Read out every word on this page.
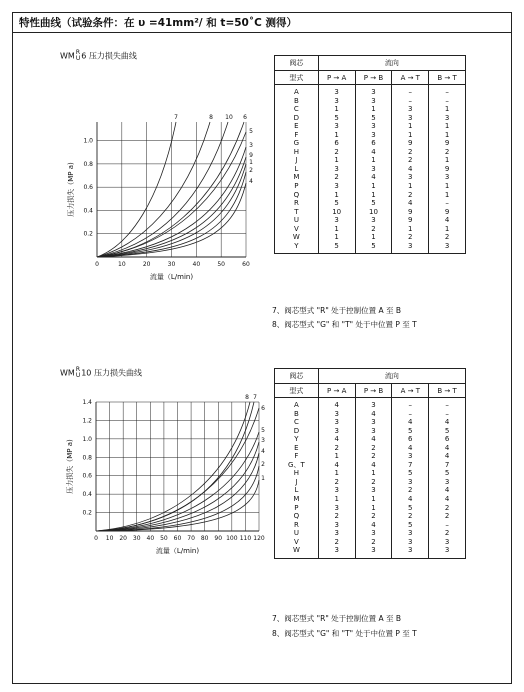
特性曲线（试验条件：在 υ =41mm²/ 和 t=50˚C 测得）
WMR
U6 压力损失曲线
0	10	20	30	40	50	60
0.2
0.4
0.6
0.8
1.0
压力损失（MP a)
流量（L/min)
7	8 10 6
5
3
9
1
2
4
0 10 20 30 40 50 60 70 80 90 100 110 120
0.2
0.4
0.6
0.8
1.0
1.2
1.4
压力损失（MP a)
流量（L/min)
8 7
6
5
3
4
2
1
WMR
U10 压力损失曲线
阀芯	流向			
型式	P → A	P → B	A → T	B → T
A	3	3	–	–
B	3	3	–	–
C	1	1	3	1
D	5	5	3	3
E	3	3	1	1
F	1	3	1	1
G	6	6	9	9
H	2	4	2	2
J	1	1	2	1
L	3	3	4	9
M	2	4	3	3
P	3	1	1	1
Q	1	1	2	1
R	5	5	4	–
T	10	10	9	9
U	3	3	9	4
V	1	2	1	1
W	1	1	2	2
Y	5	5	3	3
阀芯	流向			
型式	P → A	P → B	A → T	B → T
A	4	3	–	–
B	3	4	–	–
C	3	3	4	4
D	3	3	5	5
Y	4	4	6	6
E	2	2	4	4
F	1	2	3	4
G、T	4	4	7	7
H	1	1	5	5
J	2	2	3	3
L	3	3	2	4
M	1	1	4	4
P	3	1	5	2
Q	2	2	2	2
R	3	4	5	–
U	3	3	3	2
V	2	2	3	3
W	3	3	3	3
7、阀芯型式 "R" 处于控制位置 A 至 B
8、阀芯型式 "G" 和 "T" 处于中位置 P 至 T
7、阀芯型式 "R" 处于控制位置 A 至 B
8、阀芯型式 "G" 和 "T" 处于中位置 P 至 T
